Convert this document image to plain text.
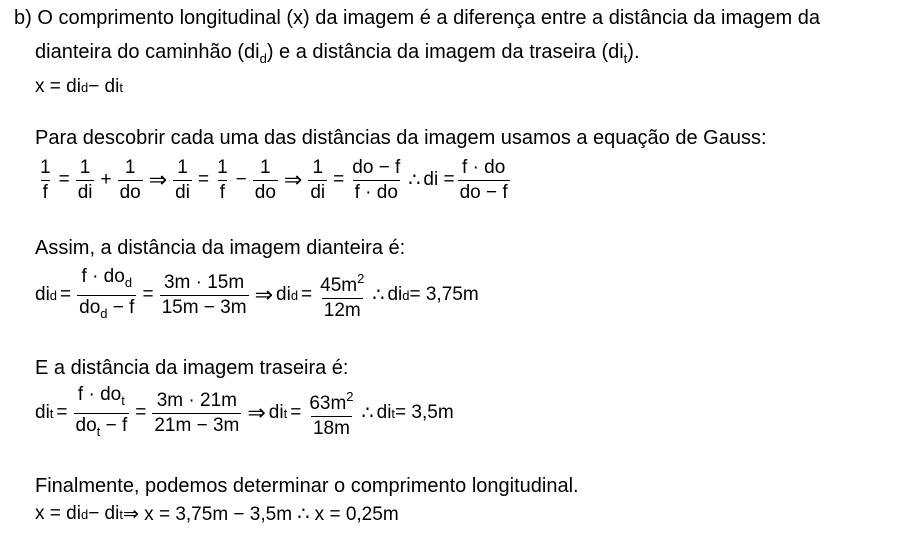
b) O comprimento longitudinal (x) da imagem é a diferença entre a distância da imagem da
dianteira do caminhão $(di_d)$ e a distância da imagem da traseira $(di_t)$.
x = di d − di t
Para descobrir cada uma das distâncias da imagem usamos a equação de Gauss:
$\frac{1}{f} = \frac{1}{di} + \frac{1}{do}$ ⇒ $\frac{1}{di} = \frac{1}{f} - \frac{1}{do}$ ⇒ $\frac{1}{di} = \frac{do - f}{f \cdot do}$ ∴ di = $\frac{f \cdot do}{do - f}$
Assim, a distância da imagem dianteira é:
di $d = \frac{f \cdot do_d}{do_d - f} = \frac{3m \cdot 15m}{15m - 3m}$ ⇒ di $d = \frac{45m^2}{12m}$ ∴ di d = 3,75m
E a distância da imagem traseira é:
di $t = \frac{f \cdot do_t}{do_t - f} = \frac{3m \cdot 21m}{21m - 3m}$ ⇒ di $t = \frac{63m^2}{18m}$ ∴ di t = 3,5m
Finalmente, podemos determinar o comprimento longitudinal.
x = di d − di t ⇒ x = 3,75m − 3,5m ∴ x = 0,25m
